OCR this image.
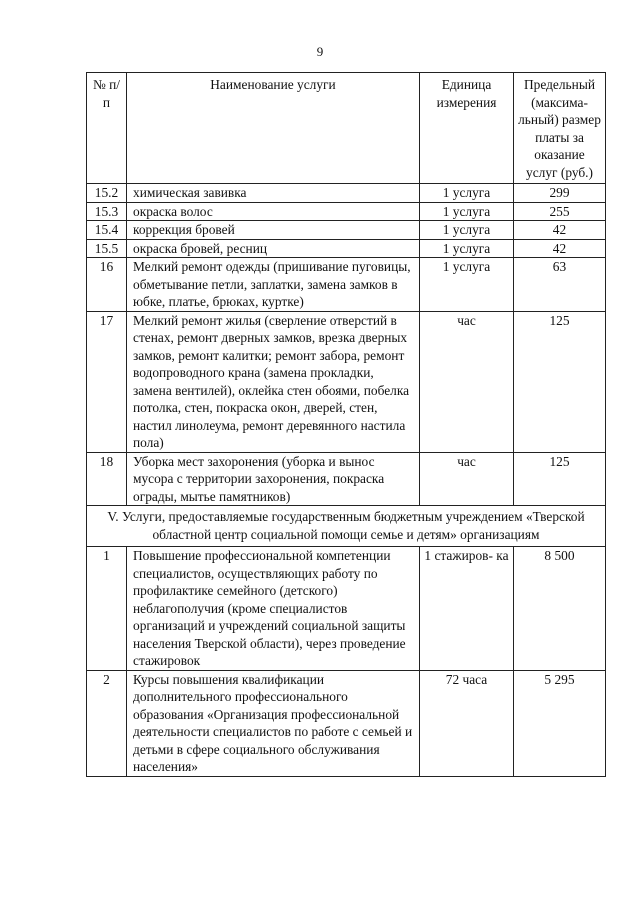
9
№ п/п	Наименование услуги	Единица измерения	Предельный (максима- льный) размер платы за оказание услуг (руб.)
15.2	химическая завивка	1 услуга	299
15.3	окраска волос	1 услуга	255
15.4	коррекция бровей	1 услуга	42
15.5	окраска бровей, ресниц	1 услуга	42
16	Мелкий ремонт одежды (пришивание пуговицы, обметывание петли, заплатки, замена замков в юбке, платье, брюках, куртке)	1 услуга	63
17	Мелкий ремонт жилья (сверление отверстий в стенах, ремонт дверных замков, врезка дверных замков, ремонт калитки; ремонт забора, ремонт водопроводного крана (замена прокладки, замена вентилей), оклейка стен обоями, побелка потолка, стен, покраска окон, дверей, стен, настил линолеума, ремонт деревянного настила пола)	час	125
18	Уборка мест захоронения (уборка и вынос мусора с территории захоронения, покраска ограды, мытье памятников)	час	125
V. Услуги, предоставляемые государственным бюджетным учреждением «Тверской областной центр социальной помощи семье и детям» организациям			
1	Повышение профессиональной компетенции специалистов, осуществляющих работу по профилактике семейного (детского) неблагополучия (кроме специалистов организаций и учреждений социальной защиты населения Тверской области), через проведение стажировок	1 стажиров- ка	8 500
2	Курсы повышения квалификации дополнительного профессионального образования «Организация профессиональной деятельности специалистов по работе с семьей и детьми в сфере социального обслуживания населения»	72 часа	5 295
